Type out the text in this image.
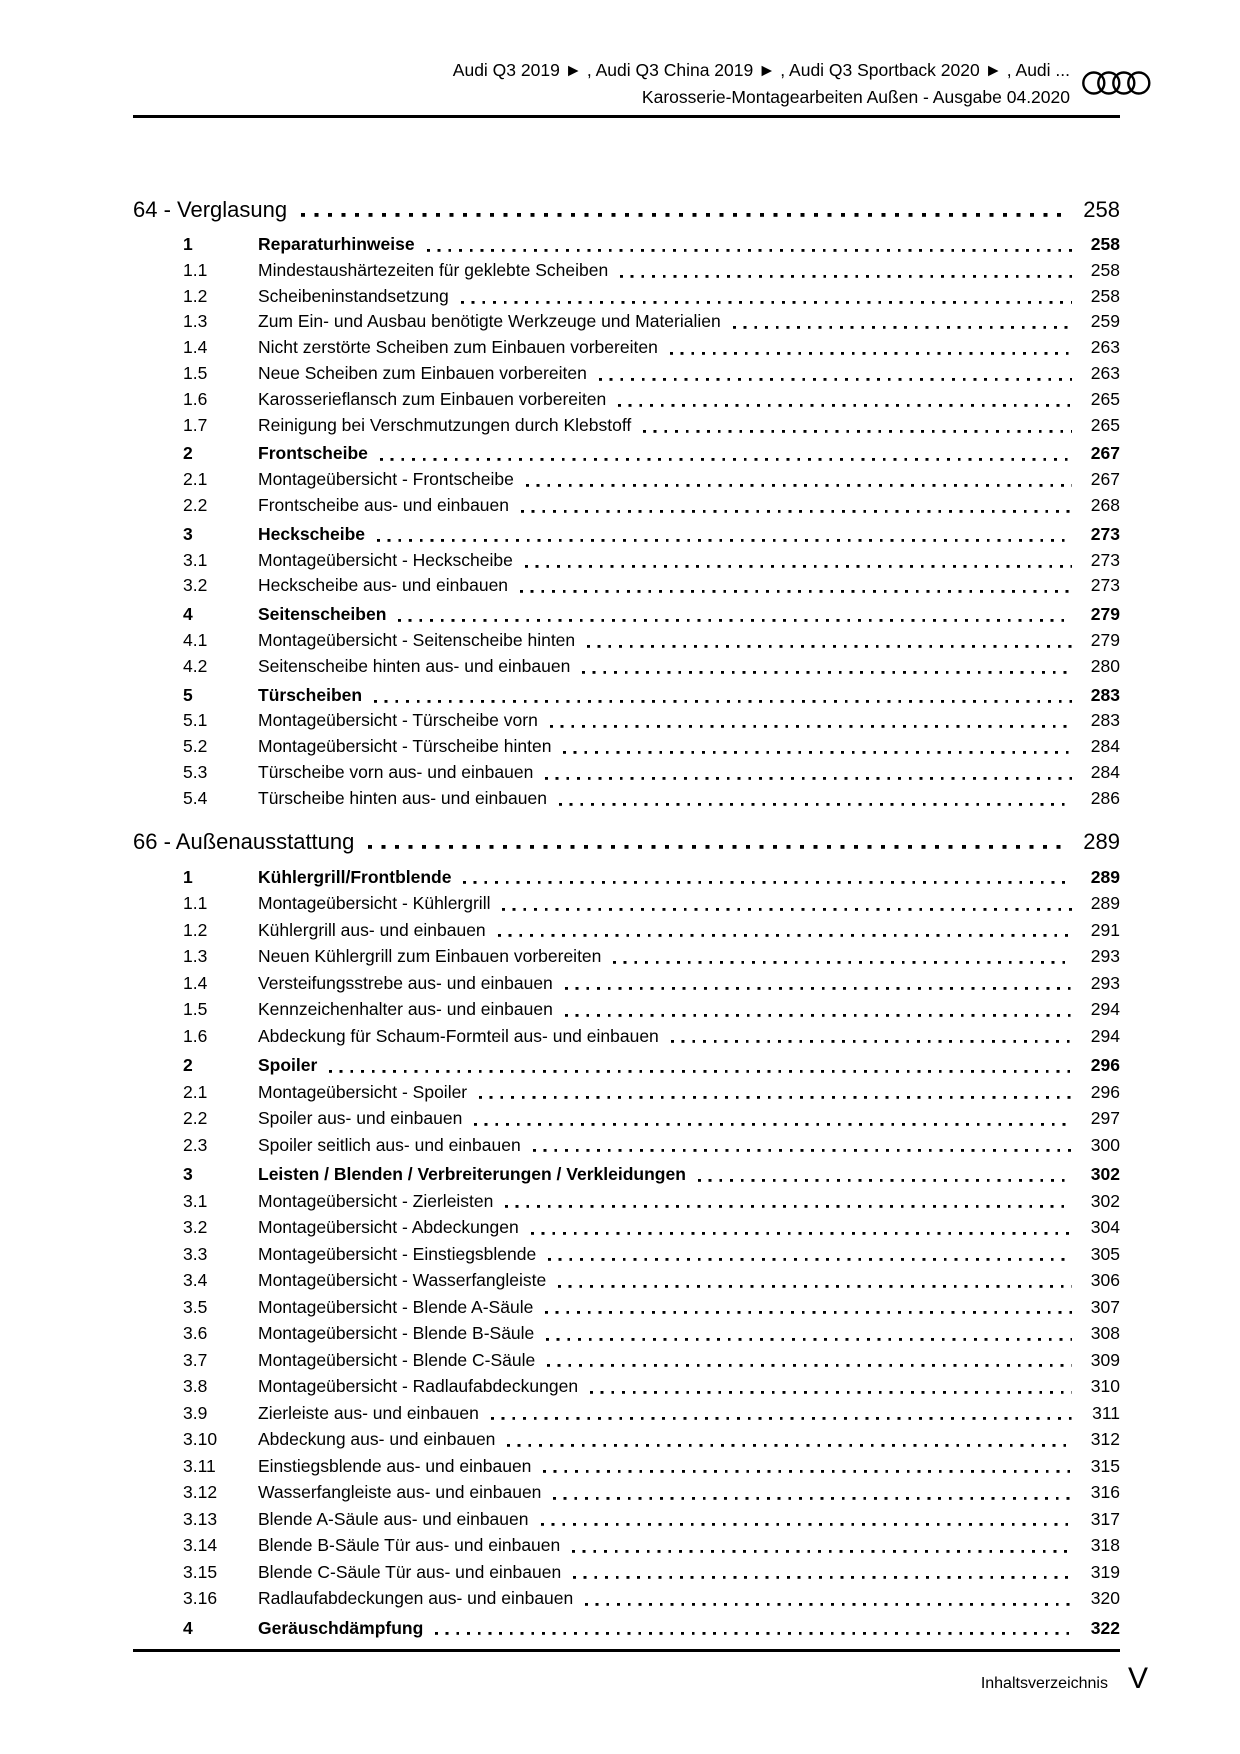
Audi Q3 2019 ► , Audi Q3 China 2019 ► , Audi Q3 Sportback 2020 ► , Audi ...
Karosserie-Montagearbeiten Außen - Ausgabe 04.2020
64 - Verglasung	258
1	Reparaturhinweise	258
1.1	Mindestaushärtezeiten für geklebte Scheiben	258
1.2	Scheibeninstandsetzung	258
1.3	Zum Ein- und Ausbau benötigte Werkzeuge und Materialien	259
1.4	Nicht zerstörte Scheiben zum Einbauen vorbereiten	263
1.5	Neue Scheiben zum Einbauen vorbereiten	263
1.6	Karosserieflansch zum Einbauen vorbereiten	265
1.7	Reinigung bei Verschmutzungen durch Klebstoff	265
2	Frontscheibe	267
2.1	Montageübersicht - Frontscheibe	267
2.2	Frontscheibe aus- und einbauen	268
3	Heckscheibe	273
3.1	Montageübersicht - Heckscheibe	273
3.2	Heckscheibe aus- und einbauen	273
4	Seitenscheiben	279
4.1	Montageübersicht - Seitenscheibe hinten	279
4.2	Seitenscheibe hinten aus- und einbauen	280
5	Türscheiben	283
5.1	Montageübersicht - Türscheibe vorn	283
5.2	Montageübersicht - Türscheibe hinten	284
5.3	Türscheibe vorn aus- und einbauen	284
5.4	Türscheibe hinten aus- und einbauen	286
66 - Außenausstattung	289
1	Kühlergrill/Frontblende	289
1.1	Montageübersicht - Kühlergrill	289
1.2	Kühlergrill aus- und einbauen	291
1.3	Neuen Kühlergrill zum Einbauen vorbereiten	293
1.4	Versteifungsstrebe aus- und einbauen	293
1.5	Kennzeichenhalter aus- und einbauen	294
1.6	Abdeckung für Schaum-Formteil aus- und einbauen	294
2	Spoiler	296
2.1	Montageübersicht - Spoiler	296
2.2	Spoiler aus- und einbauen	297
2.3	Spoiler seitlich aus- und einbauen	300
3	Leisten / Blenden / Verbreiterungen / Verkleidungen	302
3.1	Montageübersicht - Zierleisten	302
3.2	Montageübersicht - Abdeckungen	304
3.3	Montageübersicht - Einstiegsblende	305
3.4	Montageübersicht - Wasserfangleiste	306
3.5	Montageübersicht - Blende A-Säule	307
3.6	Montageübersicht - Blende B-Säule	308
3.7	Montageübersicht - Blende C-Säule	309
3.8	Montageübersicht - Radlaufabdeckungen	310
3.9	Zierleiste aus- und einbauen	311
3.10	Abdeckung aus- und einbauen	312
3.11	Einstiegsblende aus- und einbauen	315
3.12	Wasserfangleiste aus- und einbauen	316
3.13	Blende A-Säule aus- und einbauen	317
3.14	Blende B-Säule Tür aus- und einbauen	318
3.15	Blende C-Säule Tür aus- und einbauen	319
3.16	Radlaufabdeckungen aus- und einbauen	320
4	Geräuschdämpfung	322
Inhaltsverzeichnis V
